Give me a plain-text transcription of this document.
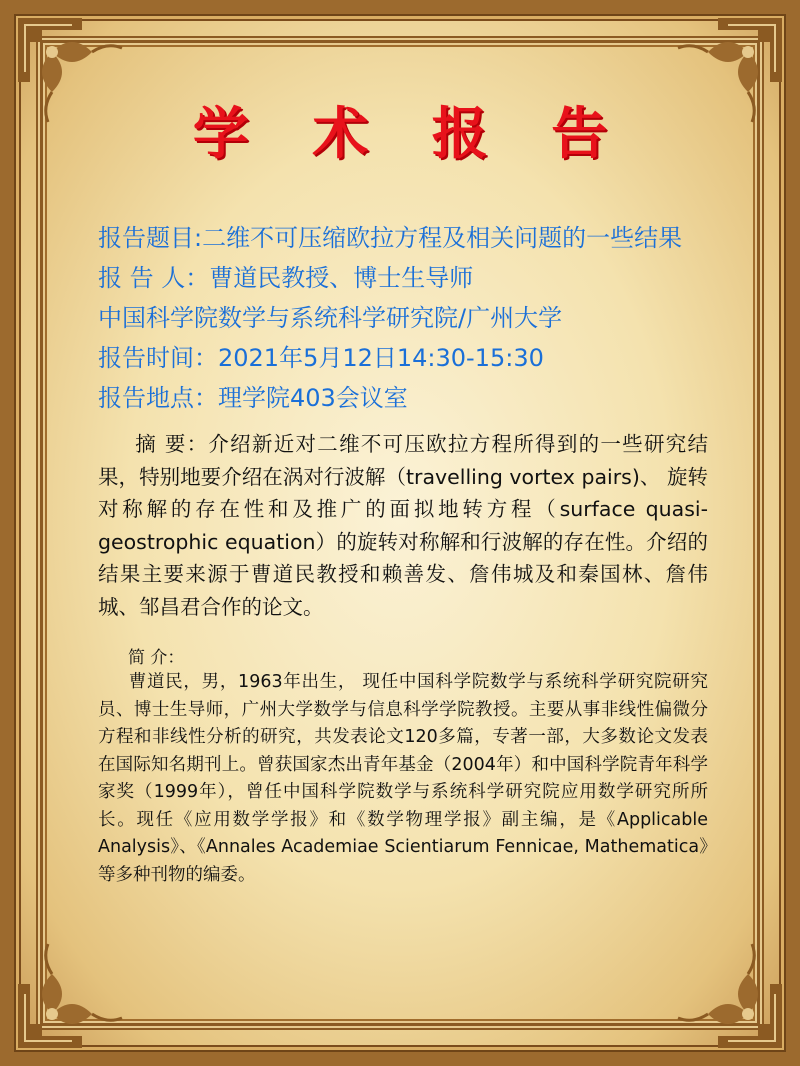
学 术 报 告
报告题目:二维不可压缩欧拉方程及相关问题的一些结果
报 告 人：曹道民教授、博士生导师
中国科学院数学与系统科学研究院/广州大学
报告时间：2021年5月12日14:30-15:30
报告地点：理学院403会议室
摘 要：介绍新近对二维不可压欧拉方程所得到的一些研究结果，特别地要介绍在涡对行波解（travelling vortex pairs)、 旋转对称解的存在性和及推广的面拟地转方程（surface quasi-geostrophic equation）的旋转对称解和行波解的存在性。介绍的结果主要来源于曹道民教授和赖善发、詹伟城及和秦国林、詹伟城、邹昌君合作的论文。
简 介：
曹道民，男，1963年出生， 现任中国科学院数学与系统科学研究院研究员、博士生导师，广州大学数学与信息科学学院教授。主要从事非线性偏微分方程和非线性分析的研究，共发表论文120多篇，专著一部，大多数论文发表在国际知名期刊上。曾获国家杰出青年基金（2004年）和中国科学院青年科学家奖（1999年），曾任中国科学院数学与系统科学研究院应用数学研究所所长。现任《应用数学学报》和《数学物理学报》副主编，是《Applicable Analysis》、《Annales Academiae Scientiarum Fennicae, Mathematica》等多种刊物的编委。
